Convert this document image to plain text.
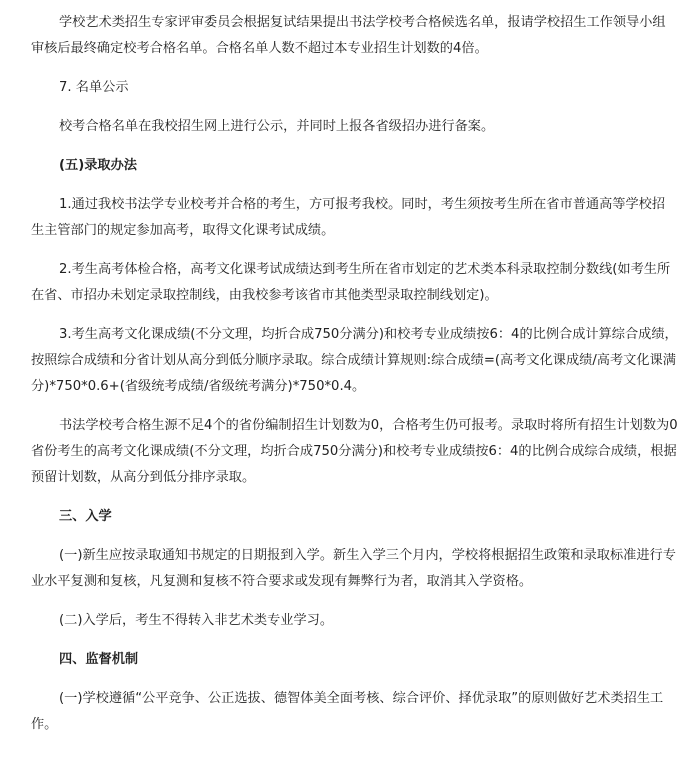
学校艺术类招生专家评审委员会根据复试结果提出书法学校考合格候选名单，报请学校招生工作领导小组审核后最终确定校考合格名单。合格名单人数不超过本专业招生计划数的4倍。

7. 名单公示

校考合格名单在我校招生网上进行公示，并同时上报各省级招办进行备案。

(五)录取办法

1.通过我校书法学专业校考并合格的考生，方可报考我校。同时，考生须按考生所在省市普通高等学校招生主管部门的规定参加高考，取得文化课考试成绩。

2.考生高考体检合格，高考文化课考试成绩达到考生所在省市划定的艺术类本科录取控制分数线(如考生所在省、市招办未划定录取控制线，由我校参考该省市其他类型录取控制线划定)。

3.考生高考文化课成绩(不分文理，均折合成750分满分)和校考专业成绩按6：4的比例合成计算综合成绩，按照综合成绩和分省计划从高分到低分顺序录取。综合成绩计算规则:综合成绩=(高考文化课成绩/高考文化课满分)*750*0.6+(省级统考成绩/省级统考满分)*750*0.4。

书法学校考合格生源不足4个的省份编制招生计划数为0，合格考生仍可报考。录取时将所有招生计划数为0省份考生的高考文化课成绩(不分文理，均折合成750分满分)和校考专业成绩按6：4的比例合成综合成绩，根据预留计划数，从高分到低分排序录取。

三、入学

(一)新生应按录取通知书规定的日期报到入学。新生入学三个月内，学校将根据招生政策和录取标准进行专业水平复测和复核，凡复测和复核不符合要求或发现有舞弊行为者，取消其入学资格。

(二)入学后，考生不得转入非艺术类专业学习。

四、监督机制

(一)学校遵循“公平竞争、公正选拔、德智体美全面考核、综合评价、择优录取”的原则做好艺术类招生工作。
